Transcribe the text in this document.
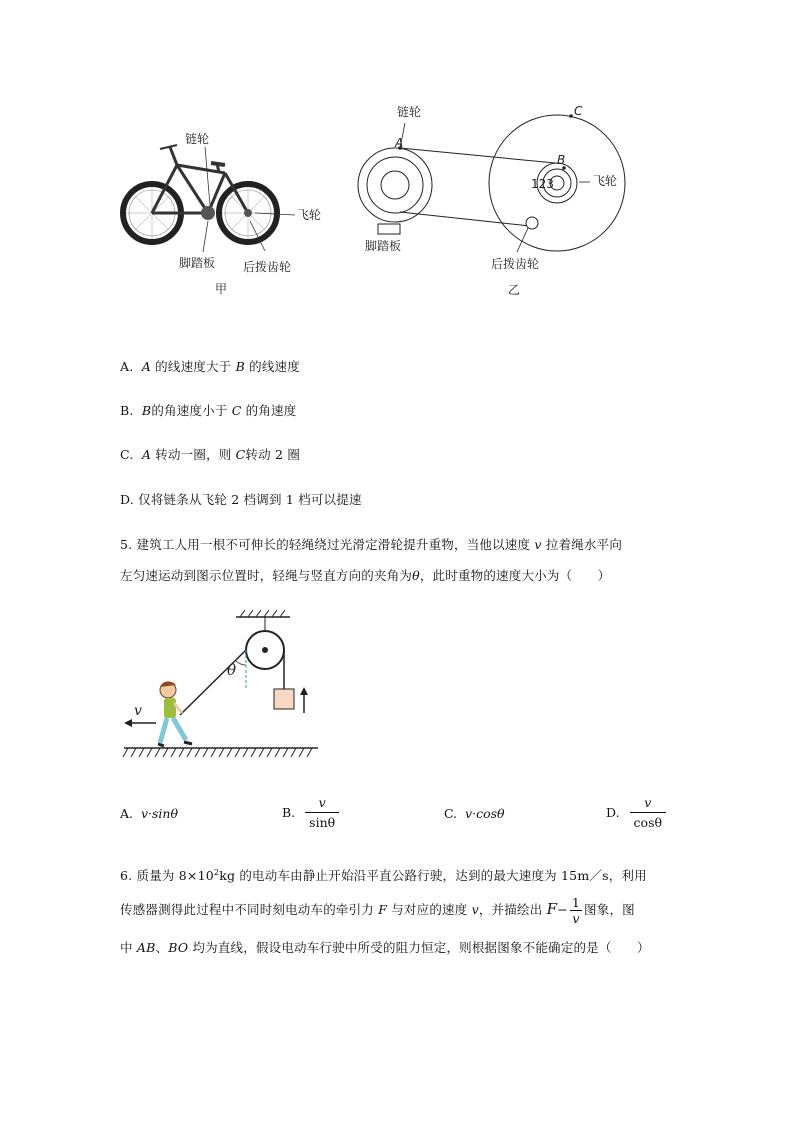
链轮
脚踏板 后拨齿轮
飞轮
甲
链轮
A
B
C
123	飞轮
脚踏板
后拨齿轮
乙
A. A 的线速度大于 B 的线速度
B. B的角速度小于 C 的角速度
C. A 转动一圈，则 C转动 2 圈
D. 仅将链条从飞轮 2 档调到 1 档可以提速
5. 建筑工人用一根不可伸长的轻绳绕过光滑定滑轮提升重物，当他以速度 v 拉着绳水平向
左匀速运动到图示位置时，轻绳与竖直方向的夹角为θ，此时重物的速度大小为（　　）
θ
v
A. v·sinθ	B. $\frac{v}{\sin\theta}$	C. v·cosθ	D. $\frac{v}{\cos\theta}$
6. 质量为 $8\times 10^2kg$ 的电动车由静止开始沿平直公路行驶，达到的最大速度为 15m／s，利用
传感器测得此过程中不同时刻电动车的牵引力 F 与对应的速度 v，并描绘出 $F- \frac{1}{v}$ 图象，图
中 AB、BO 均为直线，假设电动车行驶中所受的阻力恒定，则根据图象不能确定的是（　　）
